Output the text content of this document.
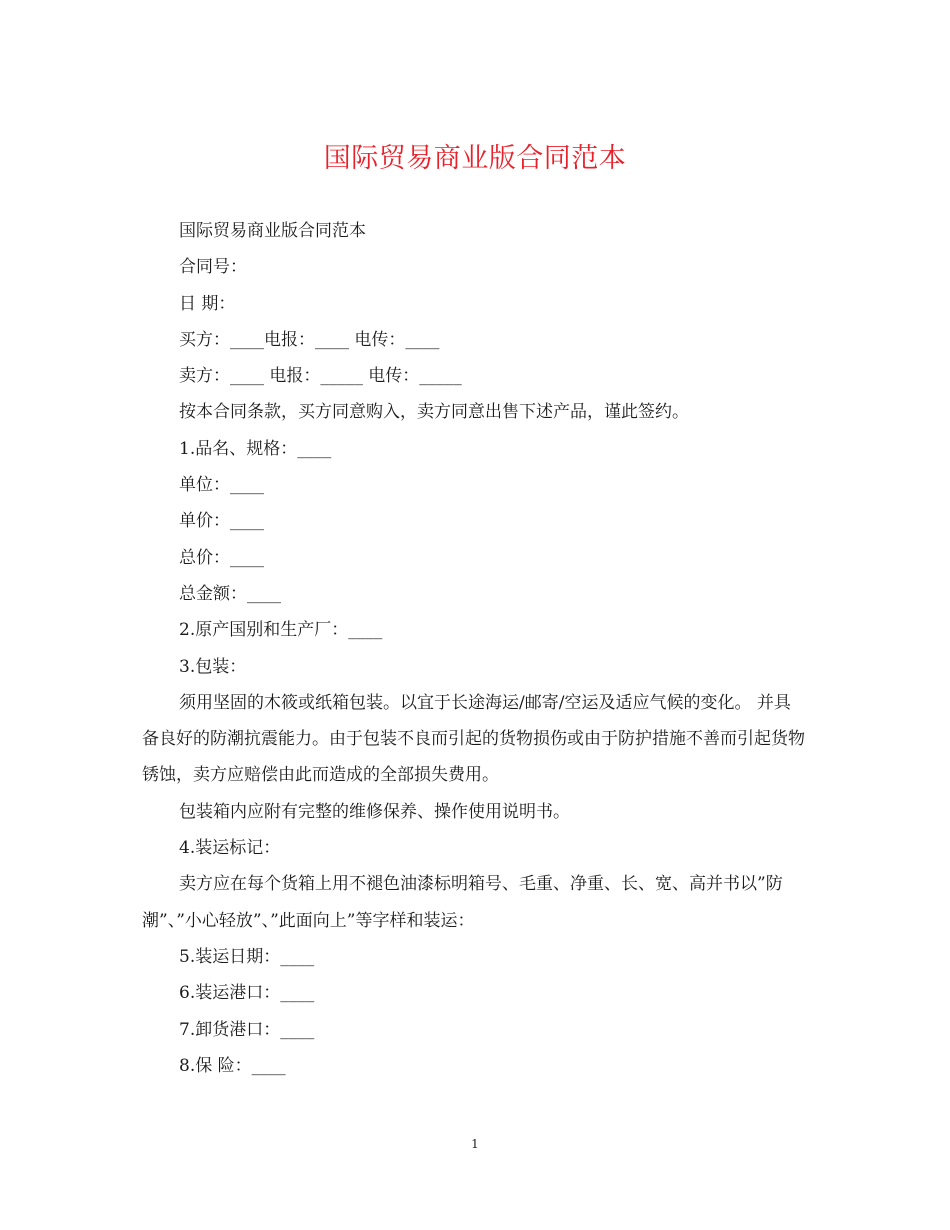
国际贸易商业版合同范本

国际贸易商业版合同范本

合同号：

日 期：

买方：____电报：____ 电传：____

卖方：____ 电报：_____ 电传：_____

按本合同条款，买方同意购入，卖方同意出售下述产品，谨此签约。

1.品名、规格：____

单位：____

单价：____

总价：____

总金额：____

2.原产国别和生产厂：____

3.包装：

须用坚固的木筱或纸箱包装。以宜于长途海运/邮寄/空运及适应气候的变化。 并具备良好的防潮抗震能力。由于包装不良而引起的货物损伤或由于防护措施不善而引起货物锈蚀，卖方应赔偿由此而造成的全部损失费用。

包装箱内应附有完整的维修保养、操作使用说明书。

4.装运标记：

卖方应在每个货箱上用不褪色油漆标明箱号、毛重、净重、长、宽、高并书以”防潮”、”小心轻放”、”此面向上”等字样和装运：

5.装运日期：____

6.装运港口：____

7.卸货港口：____

8.保 险：____

1
